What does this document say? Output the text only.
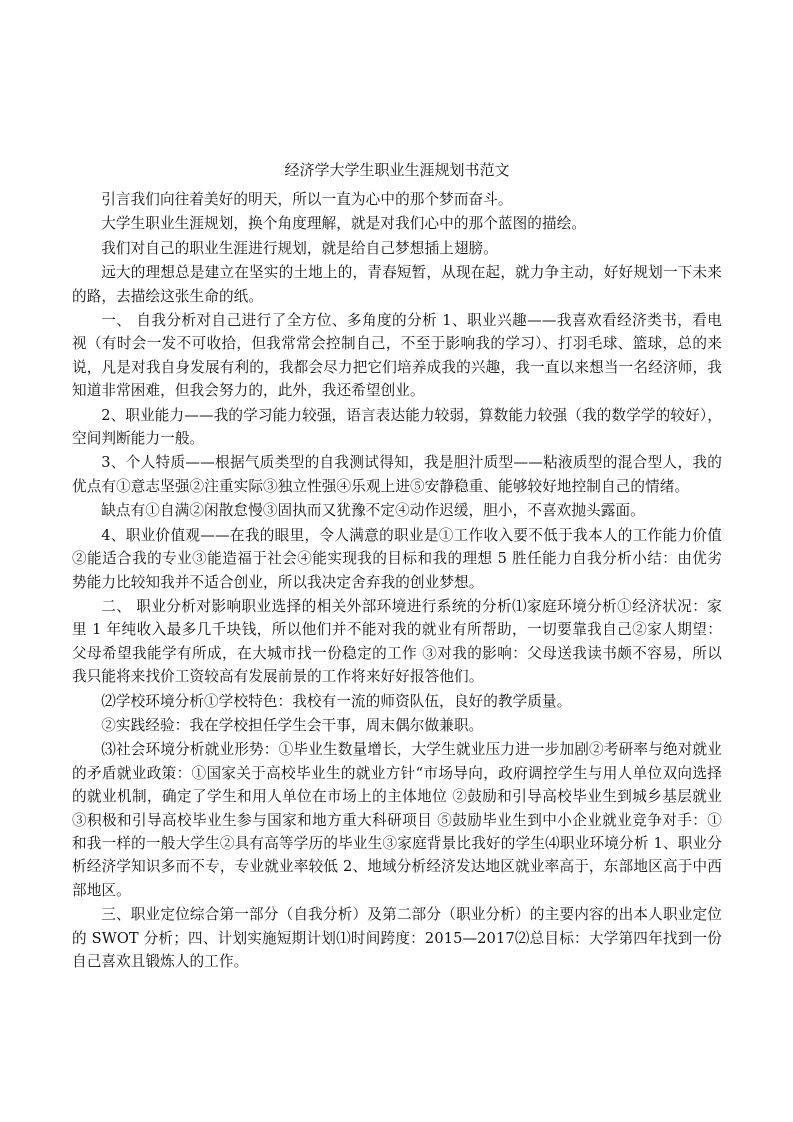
经济学大学生职业生涯规划书范文

引言我们向往着美好的明天，所以一直为心中的那个梦而奋斗。

大学生职业生涯规划，换个角度理解，就是对我们心中的那个蓝图的描绘。

我们对自己的职业生涯进行规划，就是给自己梦想插上翅膀。

远大的理想总是建立在坚实的土地上的，青春短暂，从现在起，就力争主动，好好规划一下未来的路，去描绘这张生命的纸。

一、 自我分析对自己进行了全方位、多角度的分析 1、职业兴趣——我喜欢看经济类书，看电视（有时会一发不可收拾，但我常常会控制自己，不至于影响我的学习）、打羽毛球、篮球，总的来说，凡是对我自身发展有利的，我都会尽力把它们培养成我的兴趣，我一直以来想当一名经济师，我知道非常困难，但我会努力的，此外，我还希望创业。

2、职业能力——我的学习能力较强，语言表达能力较弱，算数能力较强（我的数学学的较好），空间判断能力一般。

3、个人特质——根据气质类型的自我测试得知，我是胆汁质型——粘液质型的混合型人，我的优点有①意志坚强②注重实际③独立性强④乐观上进⑤安静稳重、能够较好地控制自己的情绪。

缺点有①自满②闲散怠慢③固执而又犹豫不定④动作迟缓，胆小，不喜欢抛头露面。

4、职业价值观——在我的眼里，令人满意的职业是①工作收入要不低于我本人的工作能力价值②能适合我的专业③能造福于社会④能实现我的目标和我的理想 5 胜任能力自我分析小结：由优劣势能力比较知我并不适合创业，所以我决定舍弃我的创业梦想。

二、 职业分析对影响职业选择的相关外部环境进行系统的分析⑴家庭环境分析①经济状况：家里 1 年纯收入最多几千块钱，所以他们并不能对我的就业有所帮助，一切要靠我自己②家人期望：父母希望我能学有所成，在大城市找一份稳定的工作 ③对我的影响：父母送我读书颇不容易，所以我只能将来找价工资较高有发展前景的工作将来好好报答他们。

⑵学校环境分析①学校特色：我校有一流的师资队伍，良好的教学质量。

②实践经验：我在学校担任学生会干事，周末偶尔做兼职。

⑶社会环境分析就业形势：①毕业生数量增长，大学生就业压力进一步加剧②考研率与绝对就业的矛盾就业政策：①国家关于高校毕业生的就业方针“市场导向，政府调控学生与用人单位双向选择的就业机制，确定了学生和用人单位在市场上的主体地位 ②鼓励和引导高校毕业生到城乡基层就业③积极和引导高校毕业生参与国家和地方重大科研项目 ⑤鼓励毕业生到中小企业就业竞争对手：①和我一样的一般大学生②具有高等学历的毕业生③家庭背景比我好的学生⑷职业环境分析 1、职业分析经济学知识多而不专，专业就业率较低 2、地域分析经济发达地区就业率高于，东部地区高于中西部地区。

三、职业定位综合第一部分（自我分析）及第二部分（职业分析）的主要内容的出本人职业定位的 SWOT 分析；四、计划实施短期计划⑴时间跨度：2015—2017⑵总目标：大学第四年找到一份自己喜欢且锻炼人的工作。
